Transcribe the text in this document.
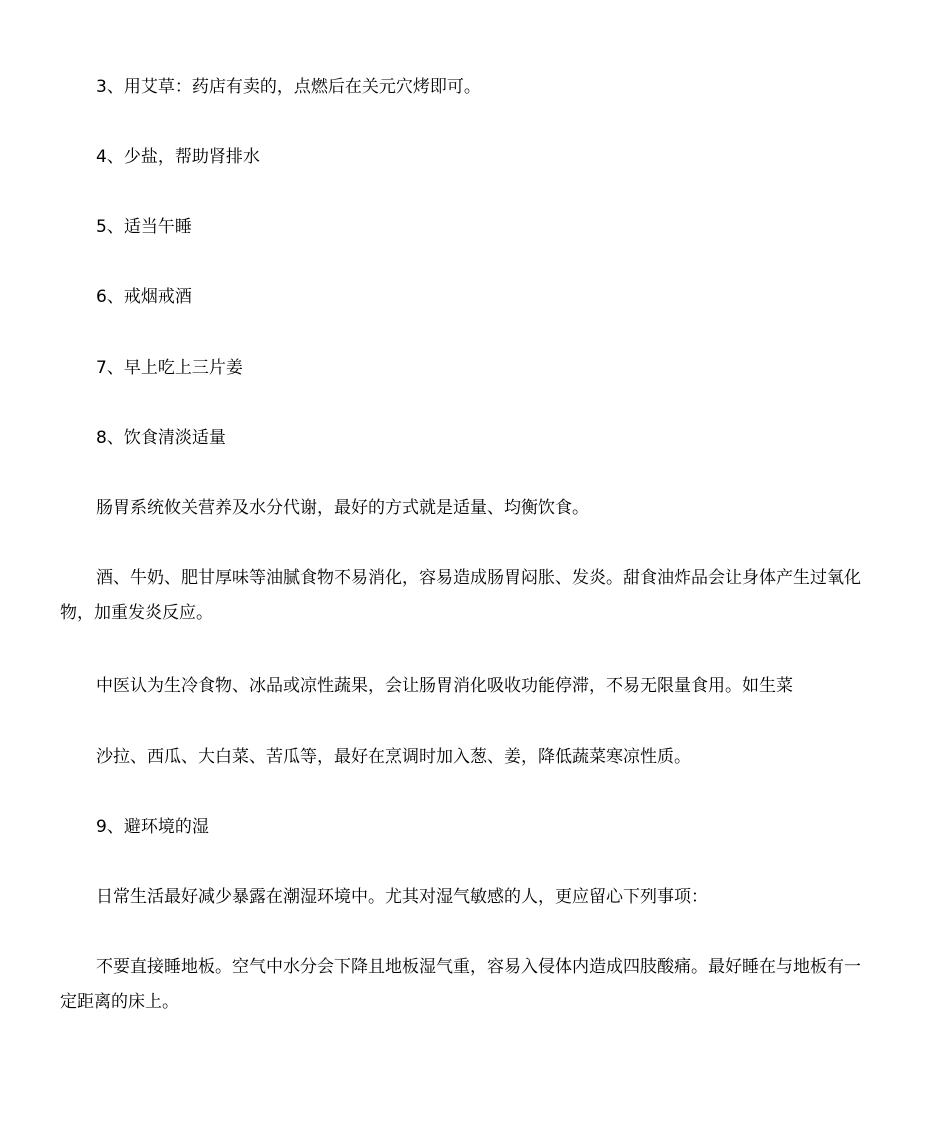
3、用艾草：药店有卖的，点燃后在关元穴烤即可。

4、少盐，帮助肾排水

5、适当午睡

6、戒烟戒酒

7、早上吃上三片姜

8、饮食清淡适量

肠胃系统攸关营养及水分代谢，最好的方式就是适量、均衡饮食。

酒、牛奶、肥甘厚味等油腻食物不易消化，容易造成肠胃闷胀、发炎。甜食油炸品会让身体产生过氧化物，加重发炎反应。

中医认为生冷食物、冰品或凉性蔬果，会让肠胃消化吸收功能停滞，不易无限量食用。如生菜

沙拉、西瓜、大白菜、苦瓜等，最好在烹调时加入葱、姜，降低蔬菜寒凉性质。

9、避环境的湿

日常生活最好减少暴露在潮湿环境中。尤其对湿气敏感的人，更应留心下列事项：

不要直接睡地板。空气中水分会下降且地板湿气重，容易入侵体内造成四肢酸痛。最好睡在与地板有一定距离的床上。
